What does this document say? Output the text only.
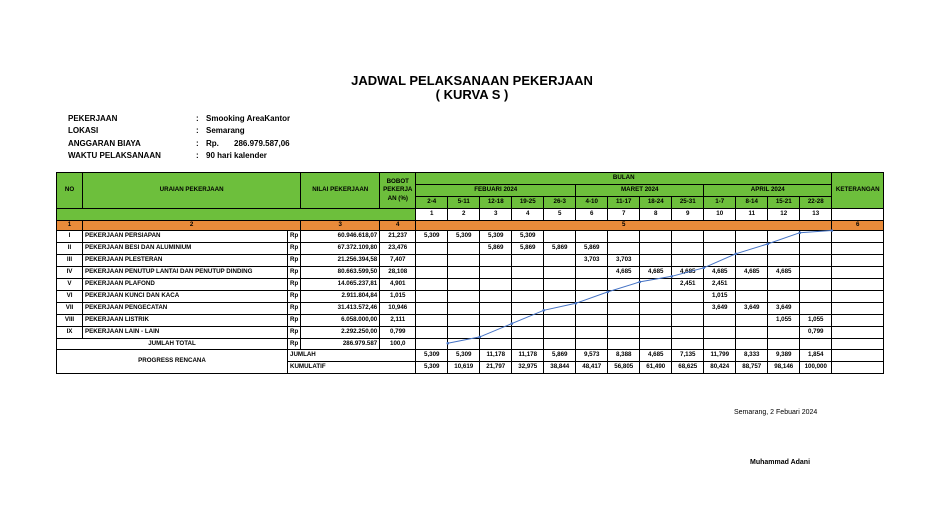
JADWAL PELAKSANAAN PEKERJAAN
( KURVA S )
PEKERJAAN	: Smooking AreaKantor
LOKASI	: Semarang
ANGGARAN BIAYA	: Rp.	286.979.587,06
WAKTU PELAKSANAAN	: 90 hari kalender
NO	URAIAN PEKERJAAN		NILAI PEKERJAAN	BOBOT PEKERJA AN (%)	BULAN													KETERANGAN
					FEBUARI 2024					MARET 2024				APRIL 2024				
					2-4	5-11	12-18	19-25	26-3	4-10	11-17	18-24	25-31	1-7	8-14	15-21	22-28	
					1	2	3	4	5	6	7	8	9	10	11	12	13	
1	2		3	4	5													6
I	PEKERJAAN PERSIAPAN	Rp	60.946.618,07	21,237	5,309	5,309	5,309	5,309										
II	PEKERJAAN BESI DAN ALUMINIUM	Rp	67.372.109,80	23,476			5,869	5,869	5,869	5,869								
III	PEKERJAAN PLESTERAN	Rp	21.256.394,58	7,407						3,703	3,703							
IV	PEKERJAAN PENUTUP LANTAI DAN PENUTUP DINDING	Rp	80.663.599,50	28,108							4,685	4,685	4,685	4,685	4,685	4,685		
V	PEKERJAAN PLAFOND	Rp	14.065.237,81	4,901									2,451	2,451				
VI	PEKERJAAN KUNCI DAN KACA	Rp	2.911.804,84	1,015										1,015				
VII	PEKERJAAN PENGECATAN	Rp	31.413.572,46	10,946										3,649	3,649	3,649		
VIII	PEKERJAAN LISTRIK	Rp	6.058.000,00	2,111												1,055	1,055	
IX	PEKERJAAN LAIN - LAIN	Rp	2.292.250,00	0,799													0,799	
JUMLAH TOTAL		Rp	286.979.587	100,0														
PROGRESS RENCANA		JUMLAH			5,309	5,309	11,178	11,178	5,869	9,573	8,388	4,685	7,135	11,799	8,333	9,389	1,854	
		KUMULATIF			5,309	10,619	21,797	32,975	38,844	48,417	56,805	61,490	68,625	80,424	88,757	98,146	100,000	
Semarang, 2 Febuari 2024
Muhammad Adani
